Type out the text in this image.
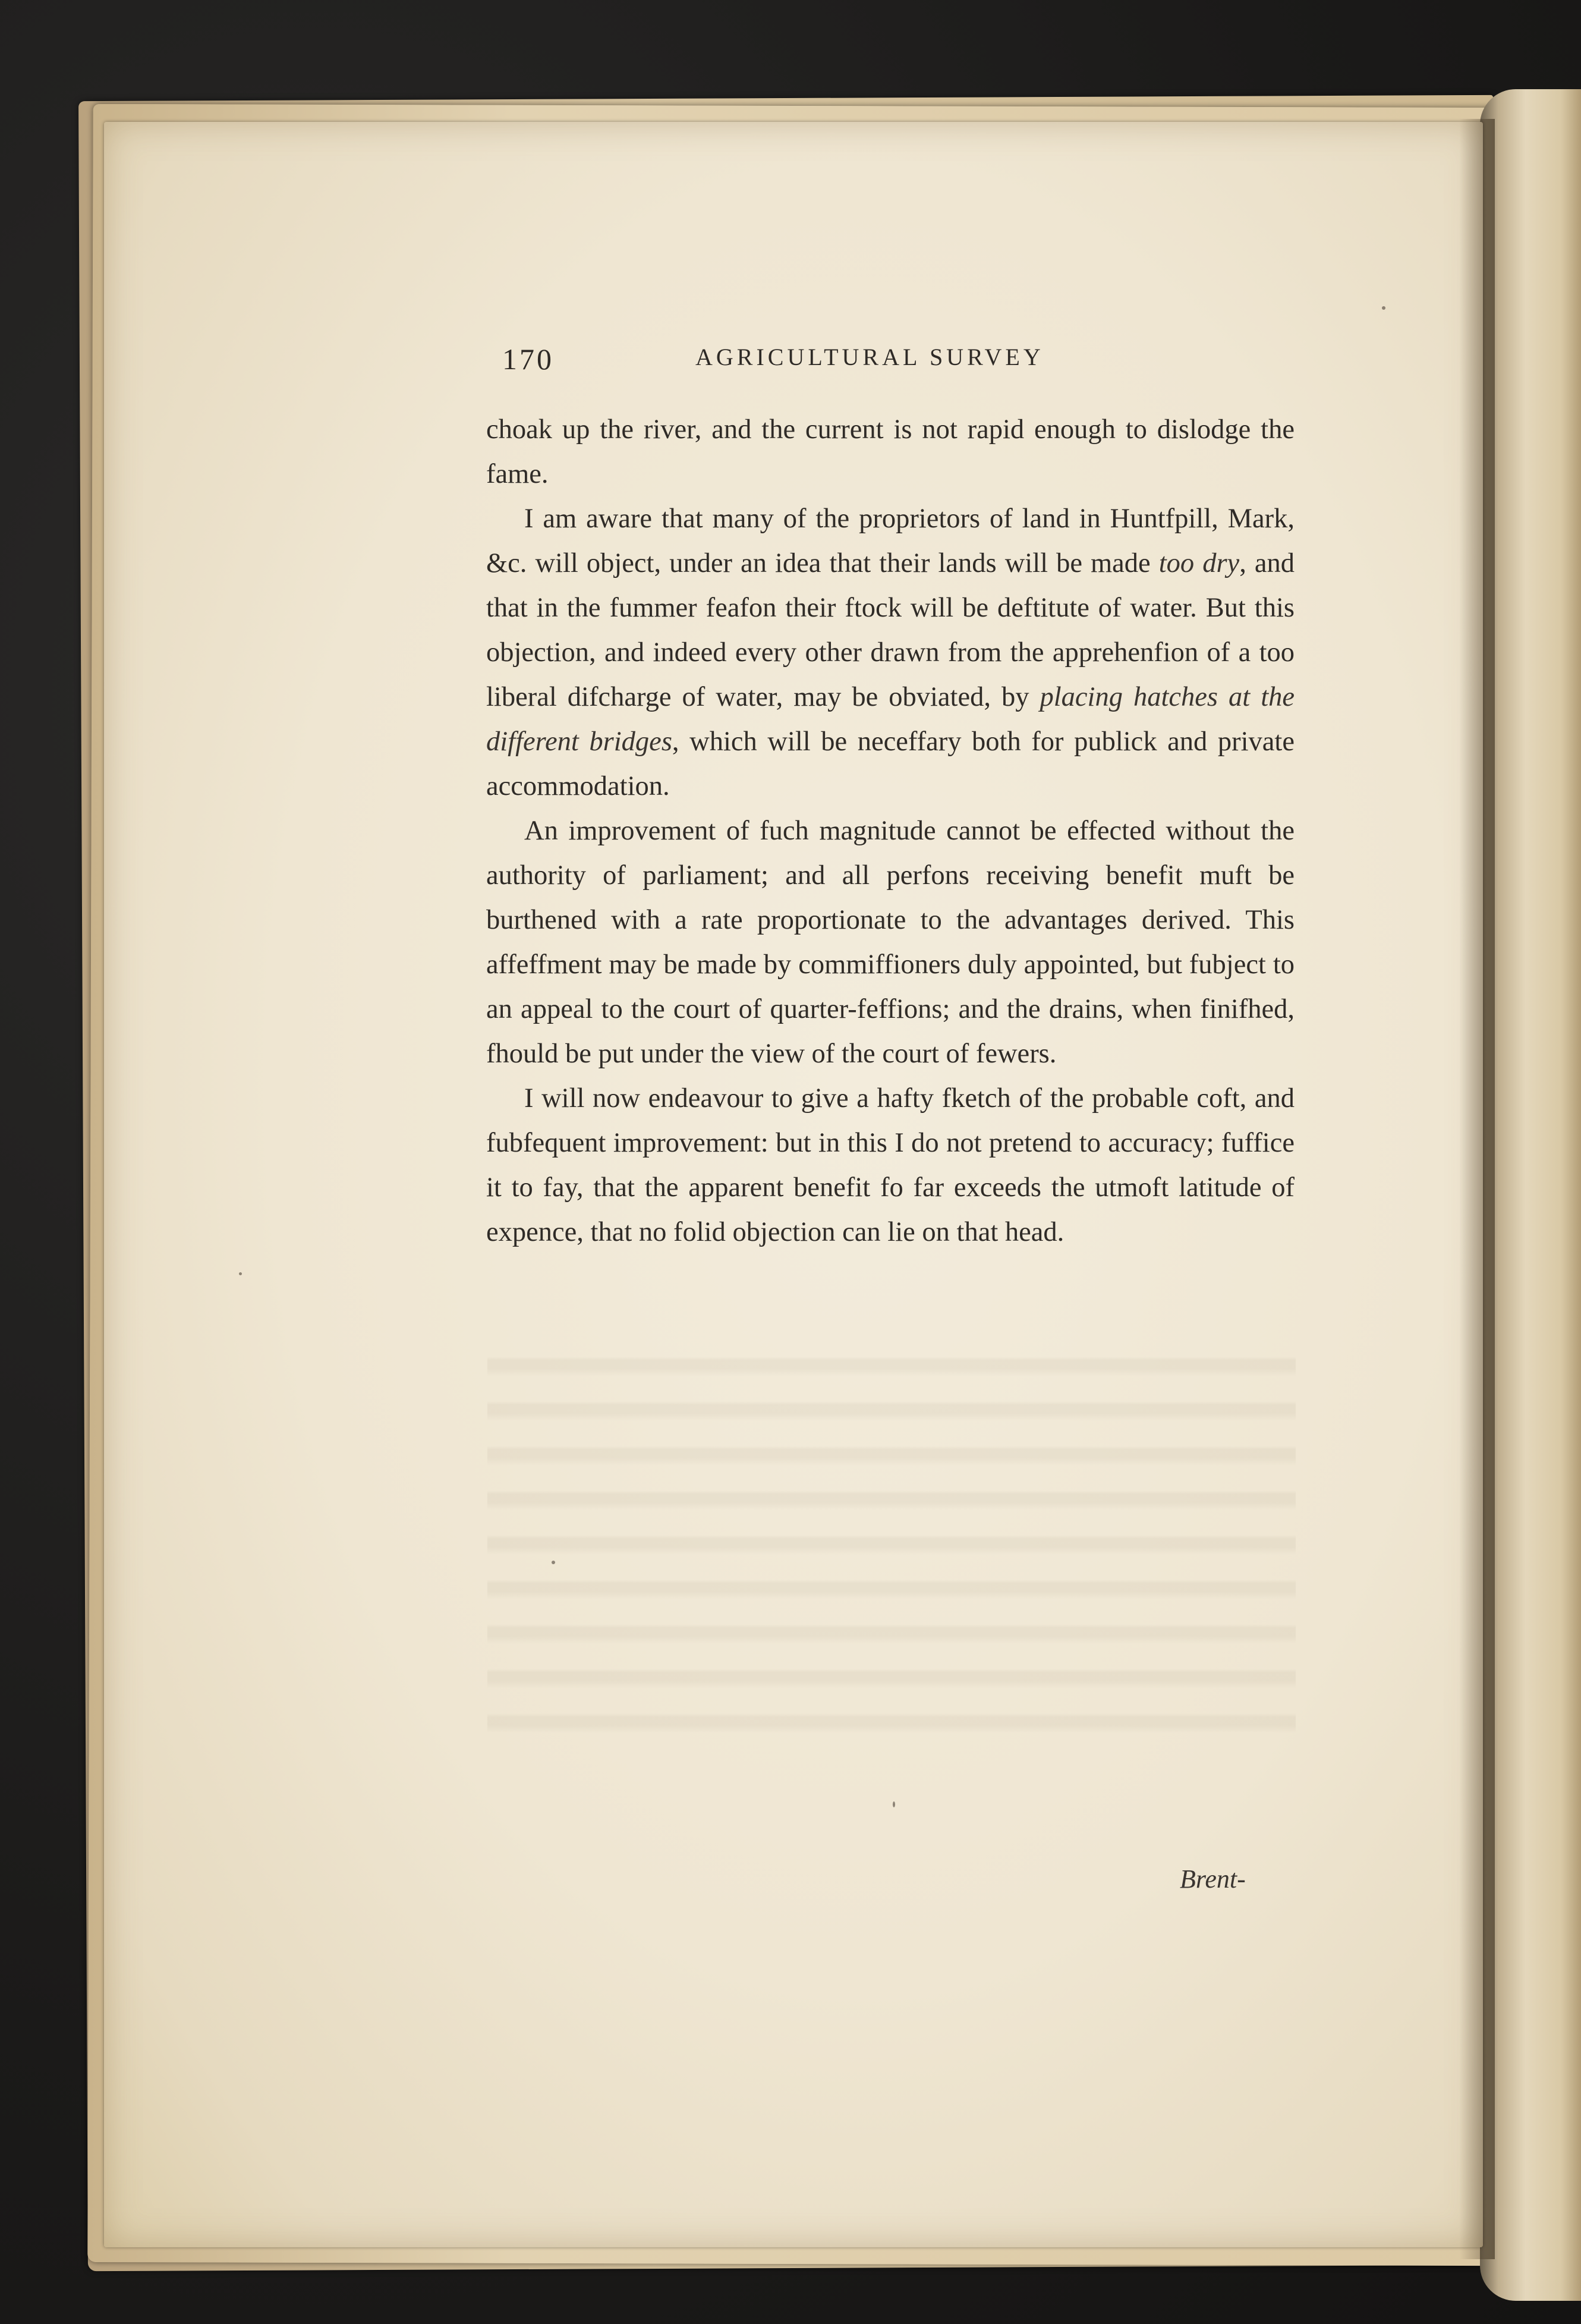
170	AGRICULTURAL SURVEY

choak up the river, and the current is not rapid enough to dislodge the fame.

I am aware that many of the proprietors of land in Huntfpill, Mark, &c. will object, under an idea that their lands will be made too dry, and that in the fummer feafon their ftock will be deftitute of water. But this objection, and indeed every other drawn from the apprehenfion of a too liberal difcharge of water, may be obviated, by placing hatches at the different bridges, which will be neceffary both for publick and private accommodation.

An improvement of fuch magnitude cannot be effected without the authority of parliament; and all perfons receiving benefit muft be burthened with a rate proportionate to the advantages derived. This affeffment may be made by commiffioners duly appointed, but fubject to an appeal to the court of quarter-feffions; and the drains, when finifhed, fhould be put under the view of the court of fewers.

I will now endeavour to give a hafty fketch of the probable coft, and fubfequent improvement: but in this I do not pretend to accuracy; fuffice it to fay, that the apparent benefit fo far exceeds the utmoft latitude of expence, that no folid objection can lie on that head.

Brent-
